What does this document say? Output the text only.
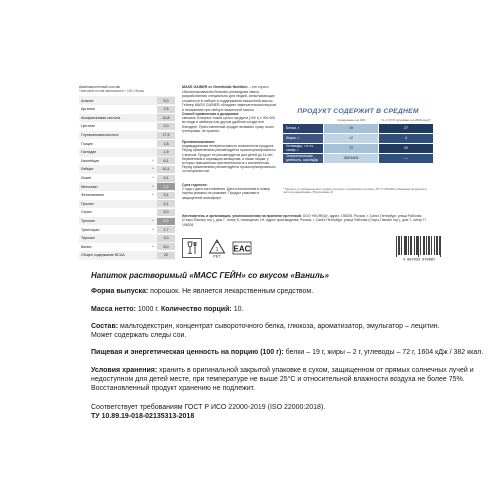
Аминокислотный состав
Типичный состав аминокислот / 100 г белка
Аланин	5,0
Аргинин	2,5
Аспарагиновая кислота	10,8
Цистеин	2,0
Глутаминовая кислота	17,5
Глицин	1,8
Гистидин	1,9
Изолейцин	*	6,1
Лейцин	*	10,1
Лизин	*	9,1
Метионин	*	2,2
Фенилаланин	*	3,1
Пролин	5,1
Серин	5,0
Треонин	*	6,9
Триптофан	*	1,7
Тирозин	3,0
Валин	*	6,0
Общее содержание BCAA	22
MASS GAINER от Geneticlab Nutrition – это строго сбалансированная белково-углеводная смесь, разработанная специально для людей, испытывающих сложности в наборе и поддержании мышечной массы. Гейнер MASS GAINER обладает замечательным вкусом и незаменим при наборе мышечной массы
Способ применения и дозировка:
смешать 5 мерных ложек сухого продукта (100 г) с 300-400 мл воды в шейкере или другом удобном сосуде или блендере. Приготовленный продукт выпивать сразу после тренировки, не хранить.
Противопоказания:
индивидуальная непереносимость компонентов продукта. Перед применением рекомендуется проконсультироваться с врачом. Продукт не рекомендуется для детей до 14 лет, беременным и кормящим женщинам, а также лицам, у которых повышенная чувствительность к компонентам. Перед применением рекомендуется проконсультироваться со специалистом.
Срок годности:
2 года с даты изготовления. Дата изготовления и номер партии указаны на упаковке. Продукт упакован в защищённой атмосфере.
ПРОДУКТ СОДЕРЖИТ В СРЕДНЕМ
Содержание на 100 г	% от РСП (основано на 2000 ккал)*
Белки, г	19	27
Жиры, г	<2	4
Углеводы, г в т.ч. сахар, г	72	20
Энергетическая ценность, ккал/кДж	382/1604	—
* Процент от рекомендуемого уровня суточного потребления согласно ТР ТС 022/2011 «Пищевая продукция в части её маркировки» (Приложение 2)
Изготовитель и организация, уполномоченная на принятие претензий: ООО «ФОФЕД», адрес: 198205, Россия, г. Санкт-Петербург, улица Рабочая (Старо-Паново тер.), дом 7, литер К, помещение 1Н. Адрес производства: Россия, г. Санкт-Петербург, улица Рабочая (Старо-Паново тер.), дом 7, литер П, 198205.
1
PET
EAC
4 607033 670087
Напиток растворимый «МАСС ГЕЙН» со вкусом «Ваниль»
Форма выпуска: порошок. Не является лекарственным средством.
Масса нетто: 1000 г. Количество порций: 10.
Состав: мальтодекстрин, концентрат сывороточного белка, глюкоза, ароматизатор, эмульгатор – лецитин.
Может содержать следы сои.
Пищевая и энергетическая ценность на порцию (100 г): белки – 19 г, жиры – 2 г, углеводы – 72 г, 1604 кДж / 382 ккал.
Условия хранения: хранить в оригинальной закрытой упаковке в сухом, защищенном от прямых солнечных лучей и недоступном для детей месте, при температуре не выше 25°C и относительной влажности воздуха не более 75%.
Восстановленный продукт хранению не подлежит.
Соответствует требованиям ГОСТ Р ИСО 22000-2019 (ISO 22000:2018).
ТУ 10.89.19-018-02135313-2018
